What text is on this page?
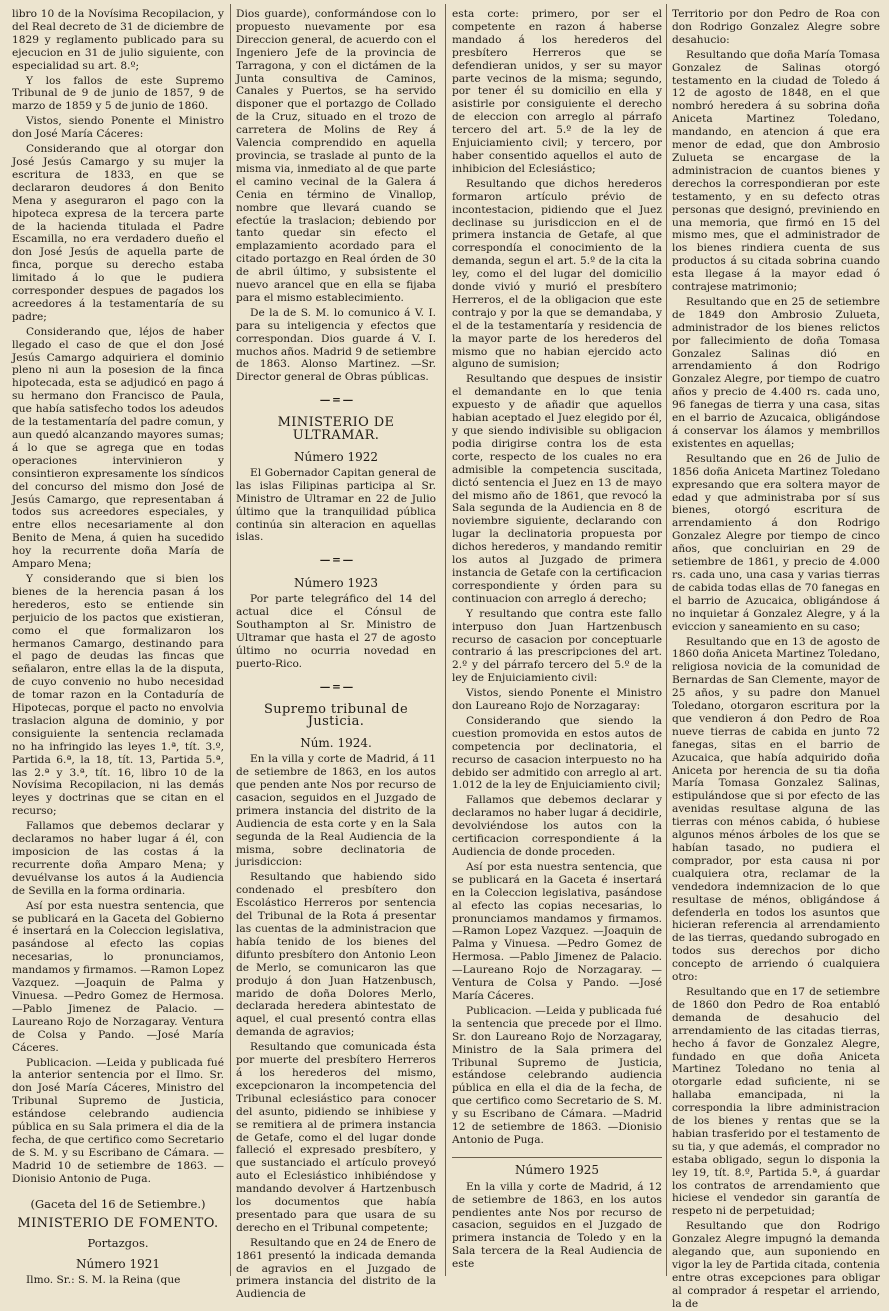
libro 10 de la Novísima Recopilacion, y del Real decreto de 31 de diciembre de 1829 y reglamento publicado para su ejecucion en 31 de julio siguiente, con especialidad su art. 8.º;

Y los fallos de este Supremo Tribunal de 9 de junio de 1857, 9 de marzo de 1859 y 5 de junio de 1860.

Vistos, siendo Ponente el Ministro don José María Cáceres:

Considerando que al otorgar don José Jesús Camargo y su mujer la escritura de 1833, en que se declararon deudores á don Benito Mena y aseguraron el pago con la hipoteca expresa de la tercera parte de la hacienda titulada el Padre Escamilla, no era verdadero dueño el don José Jesús de aquella parte de finca, porque su derecho estaba limitado á lo que le pudiera corresponder despues de pagados los acreedores á la testamentaría de su padre;

Considerando que, léjos de haber llegado el caso de que el don José Jesús Camargo adquiriera el dominio pleno ni aun la posesion de la finca hipotecada, esta se adjudicó en pago á su hermano don Francisco de Paula, que había satisfecho todos los adeudos de la testamentaría del padre comun, y aun quedó alcanzando mayores sumas; á lo que se agrega que en todas operaciones intervinieron y consintieron expresamente los síndicos del concurso del mismo don José de Jesús Camargo, que representaban á todos sus acreedores especiales, y entre ellos necesariamente al don Benito de Mena, á quien ha sucedido hoy la recurrente doña María de Amparo Mena;

Y considerando que si bien los bienes de la herencia pasan á los herederos, esto se entiende sin perjuicio de los pactos que existieran, como el que formalizaron los hermanos Camargo, destinando para el pago de deudas las fincas que señalaron, entre ellas la de la disputa, de cuyo convenio no hubo necesidad de tomar razon en la Contaduría de Hipotecas, porque el pacto no envolvia traslacion alguna de dominio, y por consiguiente la sentencia reclamada no ha infringido las leyes 1.ª, tít. 3.º, Partida 6.ª, la 18, tít. 13, Partida 5.ª, las 2.ª y 3.ª, tít. 16, libro 10 de la Novísima Recopilacion, ni las demás leyes y doctrinas que se citan en el recurso;

Fallamos que debemos declarar y declaramos no haber lugar á él, con imposicion de las costas á la recurrente doña Amparo Mena; y devuélvanse los autos á la Audiencia de Sevilla en la forma ordinaria.

Así por esta nuestra sentencia, que se publicará en la Gaceta del Gobierno é insertará en la Coleccion legislativa, pasándose al efecto las copias necesarias, lo pronunciamos, mandamos y firmamos. —Ramon Lopez Vazquez. —Joaquin de Palma y Vinuesa. —Pedro Gomez de Hermosa. —Pablo Jimenez de Palacio. —Laureano Rojo de Norzagaray. Ventura de Colsa y Pando. —José María Cáceres.

Publicacion. —Leida y publicada fué la anterior sentencia por el Ilmo. Sr. don José María Cáceres, Ministro del Tribunal Supremo de Justicia, estándose celebrando audiencia pública en su Sala primera el dia de la fecha, de que certifico como Secretario de S. M. y su Escribano de Cámara. —Madrid 10 de setiembre de 1863. —Dionisio Antonio de Puga.

(Gaceta del 16 de Setiembre.)

MINISTERIO DE FOMENTO.

Portazgos.

Número 1921

Ilmo. Sr.: S. M. la Reina (que

Dios guarde), conformándose con lo propuesto nuevamente por esa Direccion general, de acuerdo con el Ingeniero Jefe de la provincia de Tarragona, y con el dictámen de la Junta consultiva de Caminos, Canales y Puertos, se ha servido disponer que el portazgo de Collado de la Cruz, situado en el trozo de carretera de Molins de Rey á Valencia comprendido en aquella provincia, se traslade al punto de la misma via, inmediato al de que parte el camino vecinal de la Galera á Cenia en término de Vinallop, nombre que llevará cuando se efectúe la traslacion; debiendo por tanto quedar sin efecto el emplazamiento acordado para el citado portazgo en Real órden de 30 de abril último, y subsistente el nuevo arancel que en ella se fijaba para el mismo establecimiento.

De la de S. M. lo comunico á V. I. para su inteligencia y efectos que correspondan. Dios guarde á V. I. muchos años. Madrid 9 de setiembre de 1863. Alonso Martinez. —Sr. Director general de Obras públicas.

— = —

MINISTERIO DE ULTRAMAR.

Número 1922

El Gobernador Capitan general de las islas Filipinas participa al Sr. Ministro de Ultramar en 22 de Julio último que la tranquilidad pública continúa sin alteracion en aquellas islas.

— = —

Número 1923

Por parte telegráfico del 14 del actual dice el Cónsul de Southampton al Sr. Ministro de Ultramar que hasta el 27 de agosto último no ocurria novedad en puerto-Rico.

— = —

Supremo tribunal de Justicia.

Núm. 1924.

En la villa y corte de Madrid, á 11 de setiembre de 1863, en los autos que penden ante Nos por recurso de casacion, seguidos en el Juzgado de primera instancia del distrito de la Audiencia de esta corte y en la Sala segunda de la Real Audiencia de la misma, sobre declinatoria de jurisdiccion:

Resultando que habiendo sido condenado el presbítero don Escolástico Herreros por sentencia del Tribunal de la Rota á presentar las cuentas de la administracion que había tenido de los bienes del difunto presbítero don Antonio Leon de Merlo, se comunicaron las que produjo á don Juan Hatzenbusch, marido de doña Dolores Merlo, declarada heredera abintestato de aquel, el cual presentó contra ellas demanda de agravios;

Resultando que comunicada ésta por muerte del presbítero Herreros á los herederos del mismo, excepcionaron la incompetencia del Tribunal eclesiástico para conocer del asunto, pidiendo se inhibiese y se remitiera al de primera instancia de Getafe, como el del lugar donde falleció el expresado presbítero, y que sustanciado el artículo proveyó auto el Eclesiástico inhibiéndose y mandando devolver á Hartzenbusch los documentos que había presentado para que usara de su derecho en el Tribunal competente;

Resultando que en 24 de Enero de 1861 presentó la indicada demanda de agravios en el Juzgado de primera instancia del distrito de la Audiencia de

esta corte: primero, por ser el competente en razon á haberse mandado á los herederos del presbítero Herreros que se defendieran unidos, y ser su mayor parte vecinos de la misma; segundo, por tener él su domicilio en ella y asistirle por consiguiente el derecho de eleccion con arreglo al párrafo tercero del art. 5.º de la ley de Enjuiciamiento civil; y tercero, por haber consentido aquellos el auto de inhibicion del Eclesiástico;

Resultando que dichos herederos formaron artículo prévio de incontestacion, pidiendo que el Juez declinase su jurisdiccion en el de primera instancia de Getafe, al que correspondía el conocimiento de la demanda, segun el art. 5.º de la cita la ley, como el del lugar del domicilio donde vivió y murió el presbítero Herreros, el de la obligacion que este contrajo y por la que se demandaba, y el de la testamentaría y residencia de la mayor parte de los herederos del mismo que no habian ejercido acto alguno de sumision;

Resultando que despues de insistir el demandante en lo que tenia expuesto y de añadir que aquellos habian aceptado el Juez elegido por él, y que siendo indivisible su obligacion podia dirigirse contra los de esta corte, respecto de los cuales no era admisible la competencia suscitada, dictó sentencia el Juez en 13 de mayo del mismo año de 1861, que revocó la Sala segunda de la Audiencia en 8 de noviembre siguiente, declarando con lugar la declinatoria propuesta por dichos herederos, y mandando remitir los autos al Juzgado de primera instancia de Getafe con la certificacion correspondiente y órden para su continuacion con arreglo á derecho;

Y resultando que contra este fallo interpuso don Juan Hartzenbusch recurso de casacion por conceptuarle contrario á las prescripciones del art. 2.º y del párrafo tercero del 5.º de la ley de Enjuiciamiento civil:

Vistos, siendo Ponente el Ministro don Laureano Rojo de Norzagaray:

Considerando que siendo la cuestion promovida en estos autos de competencia por declinatoria, el recurso de casacion interpuesto no ha debido ser admitido con arreglo al art. 1.012 de la ley de Enjuiciamiento civil;

Fallamos que debemos declarar y declaramos no haber lugar á decidirle, devolviéndose los autos con la certificacion correspondiente á la Audiencia de donde proceden.

Así por esta nuestra sentencia, que se publicará en la Gaceta é insertará en la Coleccion legislativa, pasándose al efecto las copias necesarias, lo pronunciamos mandamos y firmamos. —Ramon Lopez Vazquez. —Joaquin de Palma y Vinuesa. —Pedro Gomez de Hermosa. —Pablo Jimenez de Palacio. —Laureano Rojo de Norzagaray. —Ventura de Colsa y Pando. —José María Cáceres.

Publicacion. —Leida y publicada fué la sentencia que precede por el Ilmo. Sr. don Laureano Rojo de Norzagaray, Ministro de la Sala primera del Tribunal Supremo de Justicia, estándose celebrando audiencia pública en ella el dia de la fecha, de que certifico como Secretario de S. M. y su Escribano de Cámara. —Madrid 12 de setiembre de 1863. —Dionisio Antonio de Puga.

Número 1925

En la villa y corte de Madrid, á 12 de setiembre de 1863, en los autos pendientes ante Nos por recurso de casacion, seguidos en el Juzgado de primera instancia de Toledo y en la Sala tercera de la Real Audiencia de este

Territorio por don Pedro de Roa con don Rodrigo Gonzalez Alegre sobre desahucio:

Resultando que doña María Tomasa Gonzalez de Salinas otorgó testamento en la ciudad de Toledo á 12 de agosto de 1848, en el que nombró heredera á su sobrina doña Aniceta Martinez Toledano, mandando, en atencion á que era menor de edad, que don Ambrosio Zulueta se encargase de la administracion de cuantos bienes y derechos la correspondieran por este testamento, y en su defecto otras personas que designó, previniendo en una memoria, que firmó en 15 del mismo mes, que el administrador de los bienes rindiera cuenta de sus productos á su citada sobrina cuando esta llegase á la mayor edad ó contrajese matrimonio;

Resultando que en 25 de setiembre de 1849 don Ambrosio Zulueta, administrador de los bienes relictos por fallecimiento de doña Tomasa Gonzalez Salinas dió en arrendamiento á don Rodrigo Gonzalez Alegre, por tiempo de cuatro años y precio de 4.400 rs. cada uno, 96 fanegas de tierra y una casa, sitas en el barrio de Azucaica, obligándose á conservar los álamos y membrillos existentes en aquellas;

Resultando que en 26 de Julio de 1856 doña Aniceta Martinez Toledano expresando que era soltera mayor de edad y que administraba por sí sus bienes, otorgó escritura de arrendamiento á don Rodrigo Gonzalez Alegre por tiempo de cinco años, que concluirian en 29 de setiembre de 1861, y precio de 4.000 rs. cada uno, una casa y varias tierras de cabida todas ellas de 70 fanegas en el barrio de Azucaica, obligándose á no inquietar á Gonzalez Alegre, y á la eviccion y saneamiento en su caso;

Resultando que en 13 de agosto de 1860 doña Aniceta Martinez Toledano, religiosa novicia de la comunidad de Bernardas de San Clemente, mayor de 25 años, y su padre don Manuel Toledano, otorgaron escritura por la que vendieron á don Pedro de Roa nueve tierras de cabida en junto 72 fanegas, sitas en el barrio de Azucaica, que había adquirido doña Aniceta por herencia de su tia doña María Tomasa Gonzalez Salinas, estipulándose que si por efecto de las avenidas resultase alguna de las tierras con ménos cabida, ó hubiese algunos ménos árboles de los que se habían tasado, no pudiera el comprador, por esta causa ni por cualquiera otra, reclamar de la vendedora indemnizacion de lo que resultase de ménos, obligándose á defenderla en todos los asuntos que hicieran referencia al arrendamiento de las tierras, quedando subrogado en todos sus derechos por dicho concepto de arriendo ó cualquiera otro:

Resultando que en 17 de setiembre de 1860 don Pedro de Roa entabló demanda de desahucio del arrendamiento de las citadas tierras, hecho á favor de Gonzalez Alegre, fundado en que doña Aniceta Martinez Toledano no tenia al otorgarle edad suficiente, ni se hallaba emancipada, ni la correspondia la libre administracion de los bienes y rentas que se la habian trasferido por el testamento de su tia, y que además, el comprador no estaba obligado, segun lo disponia la ley 19, tít. 8.º, Partida 5.ª, á guardar los contratos de arrendamiento que hiciese el vendedor sin garantía de respeto ni de perpetuidad;

Resultando que don Rodrigo Gonzalez Alegre impugnó la demanda alegando que, aun suponiendo en vigor la ley de Partida citada, contenia entre otras excepciones para obligar al comprador á respetar el arriendo, la de
